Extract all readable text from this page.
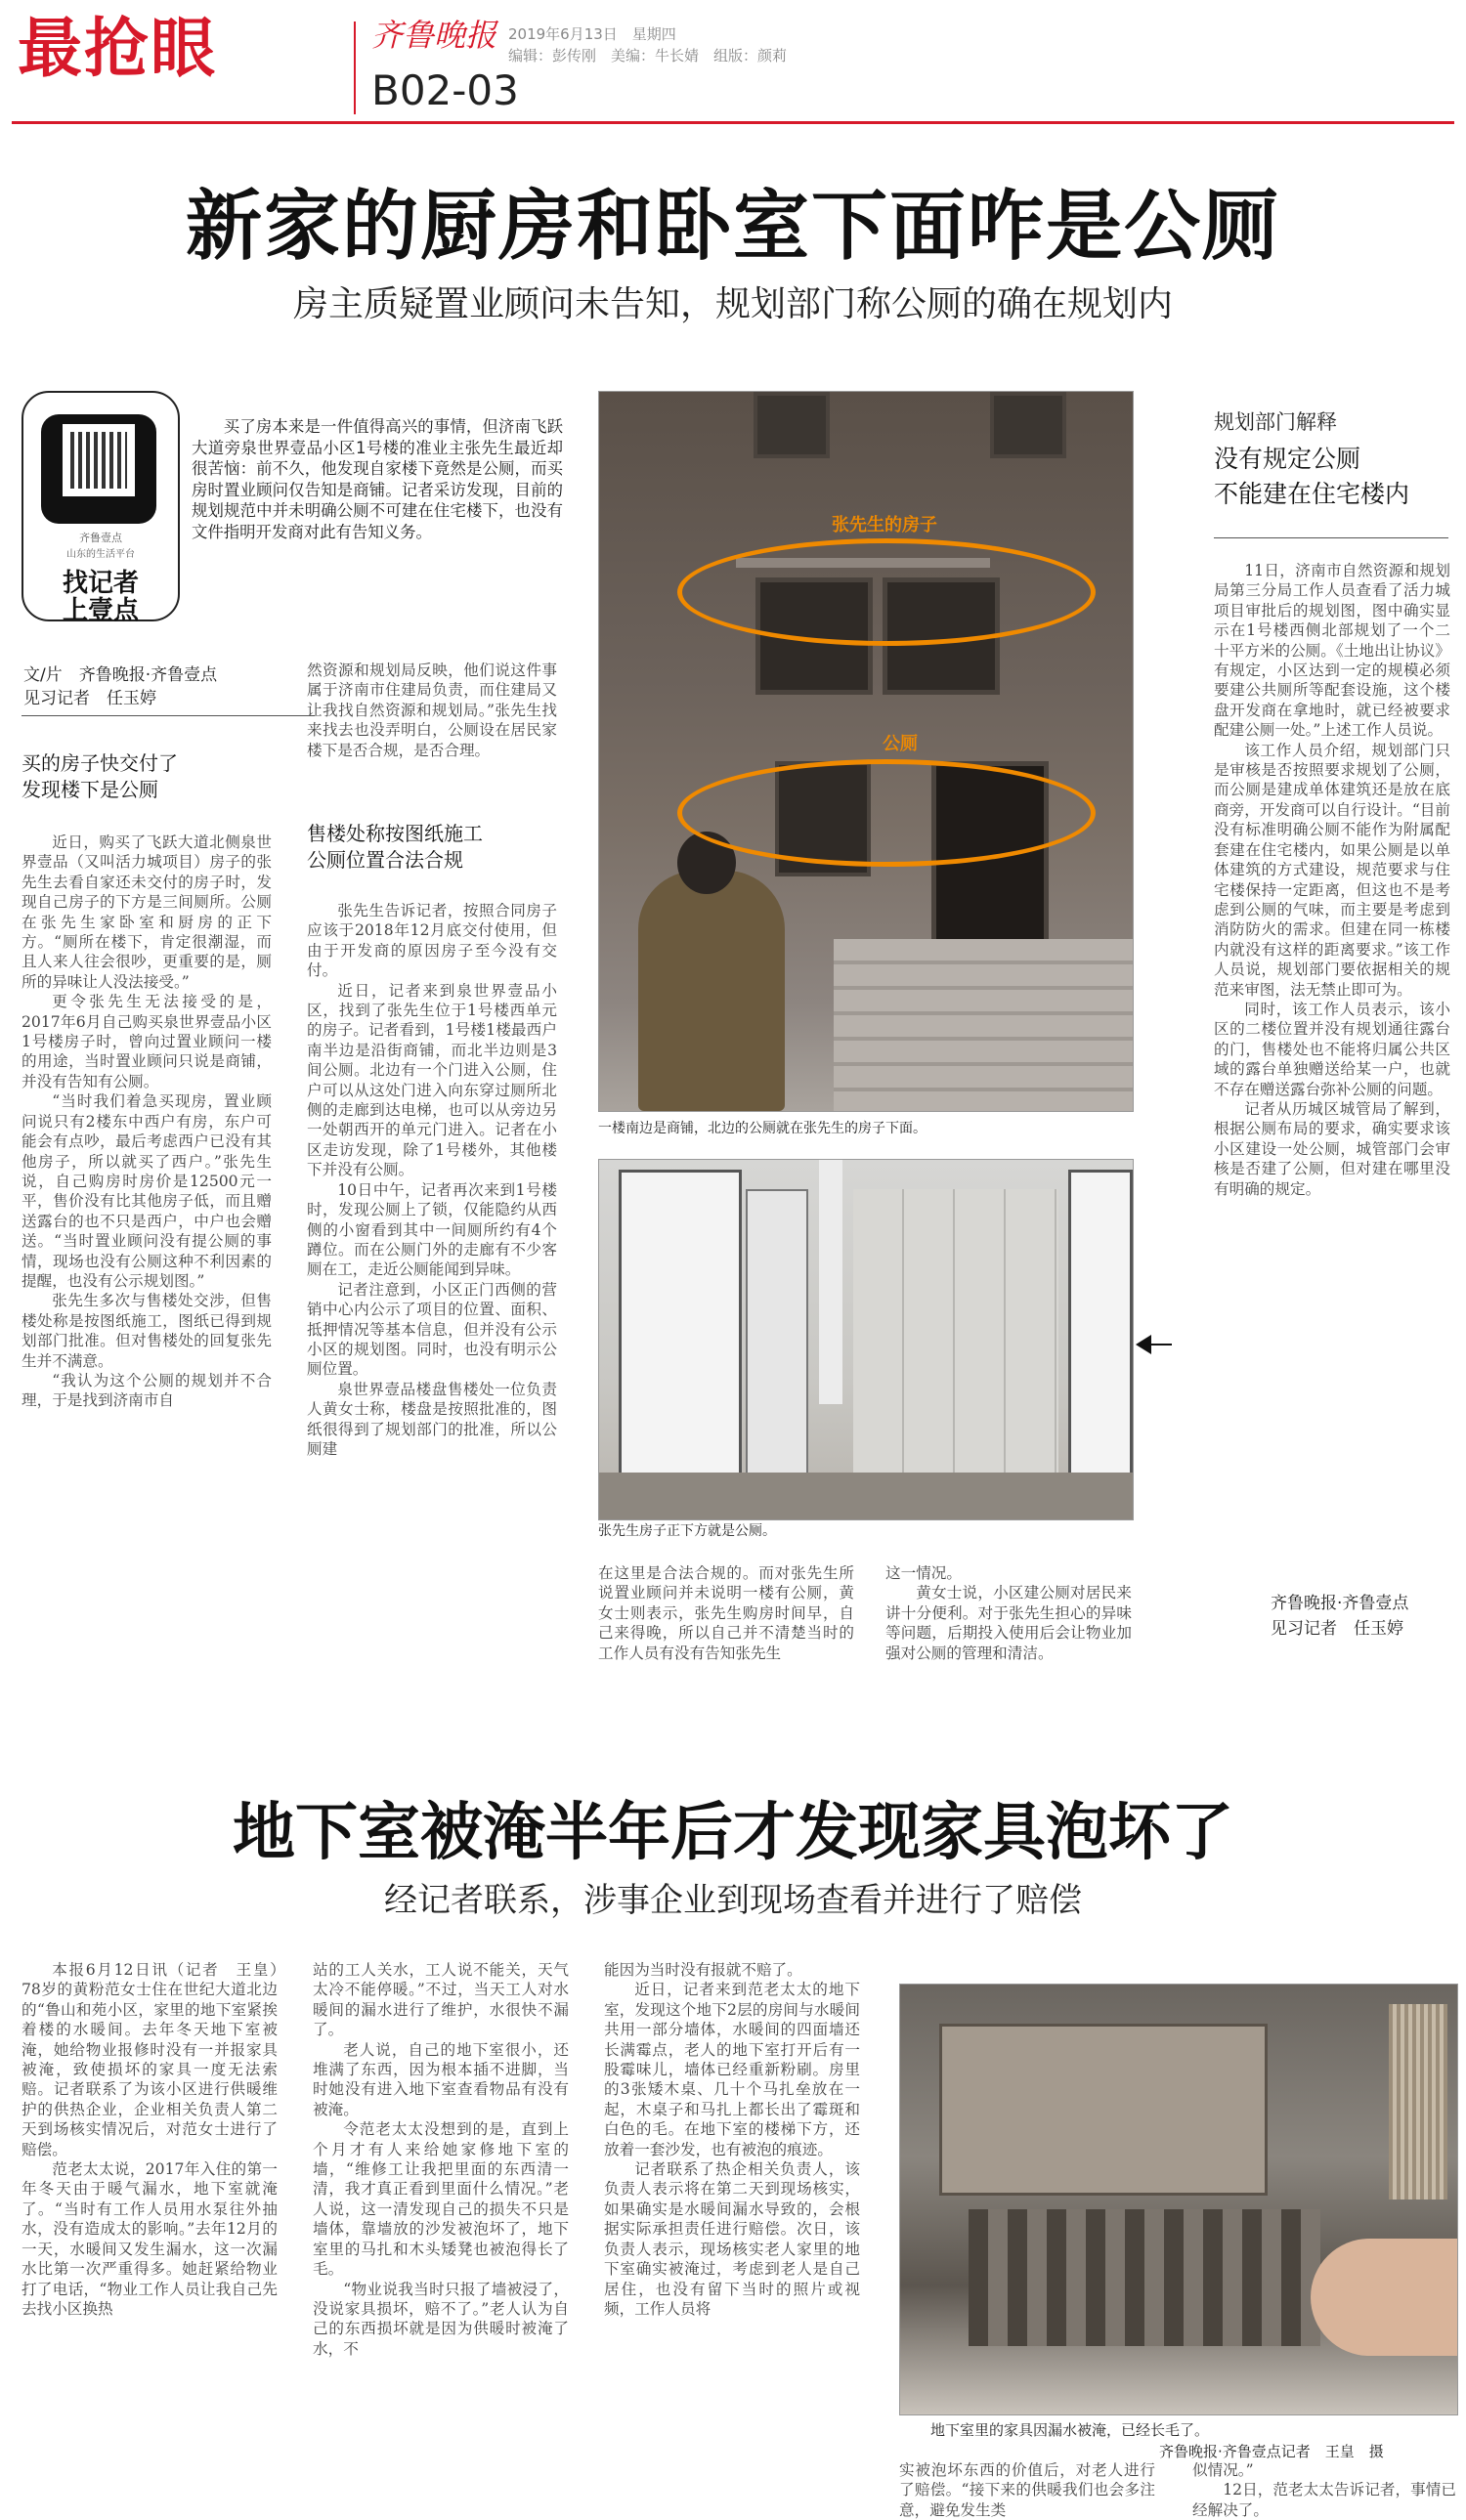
最抢眼	齐鲁晚报
B02-03
2019年6月13日　星期四
编辑：彭传刚　美编：牛长婧　组版：颜莉
新家的厨房和卧室下面咋是公厕
房主质疑置业顾问未告知，规划部门称公厕的确在规划内
齐鲁壹点
山东的生活平台
找记者
上壹点

买了房本来是一件值得高兴的事情，但济南飞跃大道旁泉世界壹品小区1号楼的准业主张先生最近却很苦恼：前不久，他发现自家楼下竟然是公厕，而买房时置业顾问仅告知是商铺。记者采访发现，目前的规划规范中并未明确公厕不可建在住宅楼下，也没有文件指明开发商对此有告知义务。

文/片　齐鲁晚报·齐鲁壹点
见习记者　任玉婷
买的房子快交付了
发现楼下是公厕

近日，购买了飞跃大道北侧泉世界壹品（又叫活力城项目）房子的张先生去看自家还未交付的房子时，发现自己房子的下方是三间厕所。公厕在张先生家卧室和厨房的正下方。“厕所在楼下，肯定很潮湿，而且人来人往会很吵，更重要的是，厕所的异味让人没法接受。”

更令张先生无法接受的是，2017年6月自己购买泉世界壹品小区1号楼房子时，曾向过置业顾问一楼的用途，当时置业顾问只说是商铺，并没有告知有公厕。

“当时我们着急买现房，置业顾问说只有2楼东中西户有房，东户可能会有点吵，最后考虑西户已没有其他房子，所以就买了西户。”张先生说，自己购房时房价是12500元一平，售价没有比其他房子低，而且赠送露台的也不只是西户，中户也会赠送。“当时置业顾问没有提公厕的事情，现场也没有公厕这种不利因素的提醒，也没有公示规划图。”

张先生多次与售楼处交涉，但售楼处称是按图纸施工，图纸已得到规划部门批准。但对售楼处的回复张先生并不满意。

“我认为这个公厕的规划并不合理，于是找到济南市自

然资源和规划局反映，他们说这件事属于济南市住建局负责，而住建局又让我找自然资源和规划局。”张先生找来找去也没弄明白，公厕设在居民家楼下是否合规，是否合理。

售楼处称按图纸施工
公厕位置合法合规

张先生告诉记者，按照合同房子应该于2018年12月底交付使用，但由于开发商的原因房子至今没有交付。

近日，记者来到泉世界壹品小区，找到了张先生位于1号楼西单元的房子。记者看到，1号楼1楼最西户南半边是沿街商铺，而北半边则是3间公厕。北边有一个门进入公厕，住户可以从这处门进入向东穿过厕所北侧的走廊到达电梯，也可以从旁边另一处朝西开的单元门进入。记者在小区走访发现，除了1号楼外，其他楼下并没有公厕。

10日中午，记者再次来到1号楼时，发现公厕上了锁，仅能隐约从西侧的小窗看到其中一间厕所约有4个蹲位。而在公厕门外的走廊有不少客厕在工，走近公厕能闻到异味。

记者注意到，小区正门西侧的营销中心内公示了项目的位置、面积、抵押情况等基本信息，但并没有公示小区的规划图。同时，也没有明示公厕位置。

泉世界壹品楼盘售楼处一位负责人黄女士称，楼盘是按照批准的，图纸很得到了规划部门的批准，所以公厕建

张先生的房子
公厕
一楼南边是商铺，北边的公厕就在张先生的房子下面。
张先生房子正下方就是公厕。

在这里是合法合规的。而对张先生所说置业顾问并未说明一楼有公厕，黄女士则表示，张先生购房时间早，自己来得晚，所以自己并不清楚当时的工作人员有没有告知张先生

这一情况。

黄女士说，小区建公厕对居民来讲十分便利。对于张先生担心的异味等问题，后期投入使用后会让物业加强对公厕的管理和清洁。

规划部门解释
没有规定公厕
不能建在住宅楼内

11日，济南市自然资源和规划局第三分局工作人员查看了活力城项目审批后的规划图，图中确实显示在1号楼西侧北部规划了一个二十平方米的公厕。《土地出让协议》有规定，小区达到一定的规模必须要建公共厕所等配套设施，这个楼盘开发商在拿地时，就已经被要求配建公厕一处。”上述工作人员说。

该工作人员介绍，规划部门只是审核是否按照要求规划了公厕，而公厕是建成单体建筑还是放在底商旁，开发商可以自行设计。“目前没有标准明确公厕不能作为附属配套建在住宅楼内，如果公厕是以单体建筑的方式建设，规范要求与住宅楼保持一定距离，但这也不是考虑到公厕的气味，而主要是考虑到消防防火的需求。但建在同一栋楼内就没有这样的距离要求。”该工作人员说，规划部门要依据相关的规范来审图，法无禁止即可为。

同时，该工作人员表示，该小区的二楼位置并没有规划通往露台的门，售楼处也不能将归属公共区域的露台单独赠送给某一户，也就不存在赠送露台弥补公厕的问题。

记者从历城区城管局了解到，根据公厕布局的要求，确实要求该小区建设一处公厕，城管部门会审核是否建了公厕，但对建在哪里没有明确的规定。

齐鲁晚报·齐鲁壹点
见习记者　任玉婷
地下室被淹半年后才发现家具泡坏了
经记者联系，涉事企业到现场查看并进行了赔偿

本报6月12日讯（记者　王皇）　78岁的黄粉范女士住在世纪大道北边的“鲁山和苑小区，家里的地下室紧挨着楼的水暖间。去年冬天地下室被淹，她给物业报修时没有一并报家具被淹，致使损坏的家具一度无法索赔。记者联系了为该小区进行供暖维护的供热企业，企业相关负责人第二天到场核实情况后，对范女士进行了赔偿。

范老太太说，2017年入住的第一年冬天由于暖气漏水，地下室就淹了。“当时有工作人员用水泵往外抽水，没有造成太的影响。”去年12月的一天，水暖间又发生漏水，这一次漏水比第一次严重得多。她赶紧给物业打了电话，“物业工作人员让我自己先去找小区换热

站的工人关水，工人说不能关，天气太冷不能停暖。”不过，当天工人对水暖间的漏水进行了维护，水很快不漏了。

老人说，自己的地下室很小，还堆满了东西，因为根本插不进脚，当时她没有进入地下室查看物品有没有被淹。

令范老太太没想到的是，直到上个月才有人来给她家修地下室的墙，“维修工让我把里面的东西清一清，我才真正看到里面什么情况。”老人说，这一清发现自己的损失不只是墙体，靠墙放的沙发被泡坏了，地下室里的马扎和木头矮凳也被泡得长了毛。

“物业说我当时只报了墙被浸了，没说家具损坏，赔不了。”老人认为自己的东西损坏就是因为供暖时被淹了水，不

能因为当时没有报就不赔了。

近日，记者来到范老太太的地下室，发现这个地下2层的房间与水暖间共用一部分墙体，水暖间的四面墙还长满霉点，老人的地下室打开后有一股霉味儿，墙体已经重新粉刷。房里的3张矮木桌、几十个马扎垒放在一起，木桌子和马扎上都长出了霉斑和白色的毛。在地下室的楼梯下方，还放着一套沙发，也有被泡的痕迹。

记者联系了热企相关负责人，该负责人表示将在第二天到现场核实，如果确实是水暖间漏水导致的，会根据实际承担责任进行赔偿。次日，该负责人表示，现场核实老人家里的地下室确实被淹过，考虑到老人是自己居住，也没有留下当时的照片或视频，工作人员将

地下室里的家具因漏水被淹，已经长毛了。
齐鲁晚报·齐鲁壹点记者　王皇　摄

实被泡坏东西的价值后，对老人进行了赔偿。“接下来的供暖我们也会多注意，避免发生类

似情况。”

12日，范老太太告诉记者，事情已经解决了。
